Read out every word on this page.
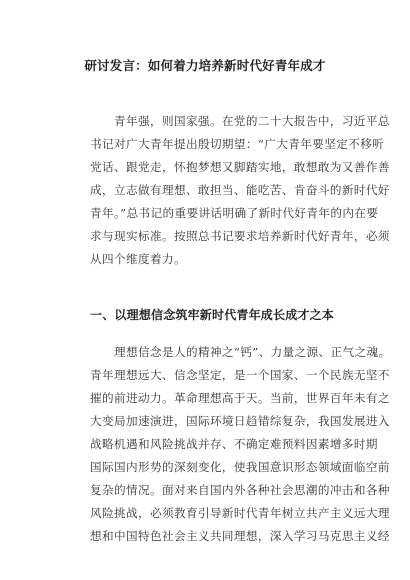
研讨发言：如何着力培养新时代好青年成才
　　青年强，则国家强。在党的二十大报告中，习近平总
书记对广大青年提出殷切期望：“广大青年要坚定不移听
党话、跟党走，怀抱梦想又脚踏实地，敢想敢为又善作善
成，立志做有理想、敢担当、能吃苦、肯奋斗的新时代好
青年。”总书记的重要讲话明确了新时代好青年的内在要
求与现实标准。按照总书记要求培养新时代好青年，必须
从四个维度着力。
一、以理想信念筑牢新时代青年成长成才之本
　　理想信念是人的精神之“钙”、力量之源、正气之魂。
青年理想远大、信念坚定，是一个国家、一个民族无坚不
摧的前进动力。革命理想高于天。当前，世界百年未有之
大变局加速演进，国际环境日趋错综复杂，我国发展进入
战略机遇和风险挑战并存、不确定难预料因素增多时期
国际国内形势的深刻变化，使我国意识形态领域面临空前
复杂的情况。面对来自国内外各种社会思潮的冲击和各种
风险挑战，必须教育引导新时代青年树立共产主义远大理
想和中国特色社会主义共同理想，深入学习马克思主义经
